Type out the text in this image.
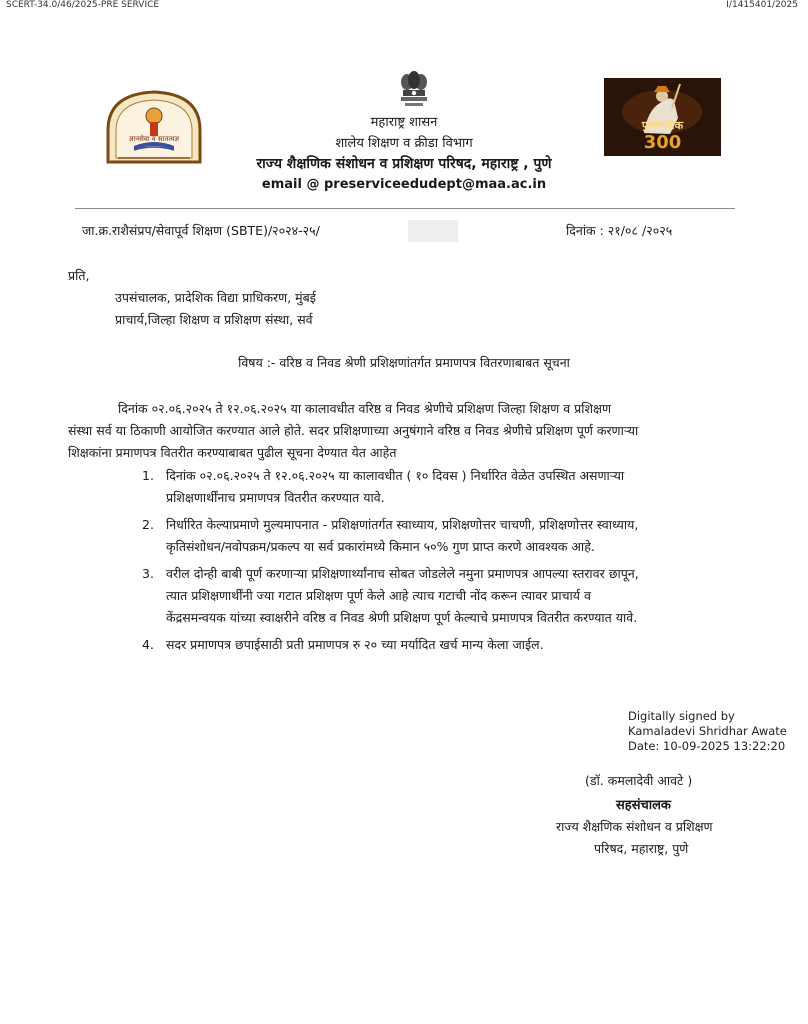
SCERT-34.0/46/2025-PRE SERVICE	I/1415401/2025
ज्ञानसेवा व सातत्यज्ञ
पुण्यश्लोक
300
महाराष्ट्र शासन
शालेय शिक्षण व क्रीडा विभाग
राज्य शैक्षणिक संशोधन व प्रशिक्षण परिषद, महाराष्ट्र , पुणे
email @ preserviceedudept@maa.ac.in
जा.क्र.राशैसंप्रप/सेवापूर्व शिक्षण (SBTE)/२०२४-२५/	दिनांक : २१/०८ /२०२५
प्रति,
उपसंचालक, प्रादेशिक विद्या प्राधिकरण, मुंबई
प्राचार्य,जिल्हा शिक्षण व प्रशिक्षण संस्था, सर्व
विषय :- वरिष्ठ व निवड श्रेणी प्रशिक्षणांतर्गत प्रमाणपत्र वितरणाबाबत सूचना
दिनांक ०२.०६.२०२५ ते १२.०६.२०२५ या कालावधीत वरिष्ठ व निवड श्रेणीचे प्रशिक्षण जिल्हा शिक्षण व प्रशिक्षण
संस्था सर्व या ठिकाणी आयोजित करण्यात आले होते. सदर प्रशिक्षणाच्या अनुषंगाने वरिष्ठ व निवड श्रेणीचे प्रशिक्षण पूर्ण करणाऱ्या
शिक्षकांना प्रमाणपत्र वितरीत करण्याबाबत पुढील सूचना देण्यात येत आहेत
1. दिनांक ०२.०६.२०२५ ते १२.०६.२०२५ या कालावधीत ( १० दिवस ) निर्धारित वेळेत उपस्थित असणाऱ्या
प्रशिक्षणार्थींनाच प्रमाणपत्र वितरीत करण्यात यावे.
2. निर्धारित केल्याप्रमाणे मुल्यमापनात - प्रशिक्षणांतर्गत स्वाध्याय, प्रशिक्षणोत्तर चाचणी, प्रशिक्षणोत्तर स्वाध्याय,
कृतिसंशोधन/नवोपक्रम/प्रकल्प या सर्व प्रकारांमध्ये किमान ५०% गुण प्राप्त करणे आवश्यक आहे.
3. वरील दोन्ही बाबी पूर्ण करणाऱ्या प्रशिक्षणार्थ्यांनाच सोबत जोडलेले नमुना प्रमाणपत्र आपल्या स्तरावर छापून,
त्यात प्रशिक्षणार्थींनी ज्या गटात प्रशिक्षण पूर्ण केले आहे त्याच गटाची नोंद करून त्यावर प्राचार्य व
केंद्रसमन्वयक यांच्या स्वाक्षरीने वरिष्ठ व निवड श्रेणी प्रशिक्षण पूर्ण केल्याचे प्रमाणपत्र वितरीत करण्यात यावे.
4. सदर प्रमाणपत्र छपाईसाठी प्रती प्रमाणपत्र रु २० च्या मर्यादित खर्च मान्य केला जाईल.
Digitally signed by
Kamaladevi Shridhar Awate
Date: 10-09-2025 13:22:20
(डॉ. कमलादेवी आवटे )
सहसंचालक
राज्य शैक्षणिक संशोधन व प्रशिक्षण
परिषद, महाराष्ट्र, पुणे
